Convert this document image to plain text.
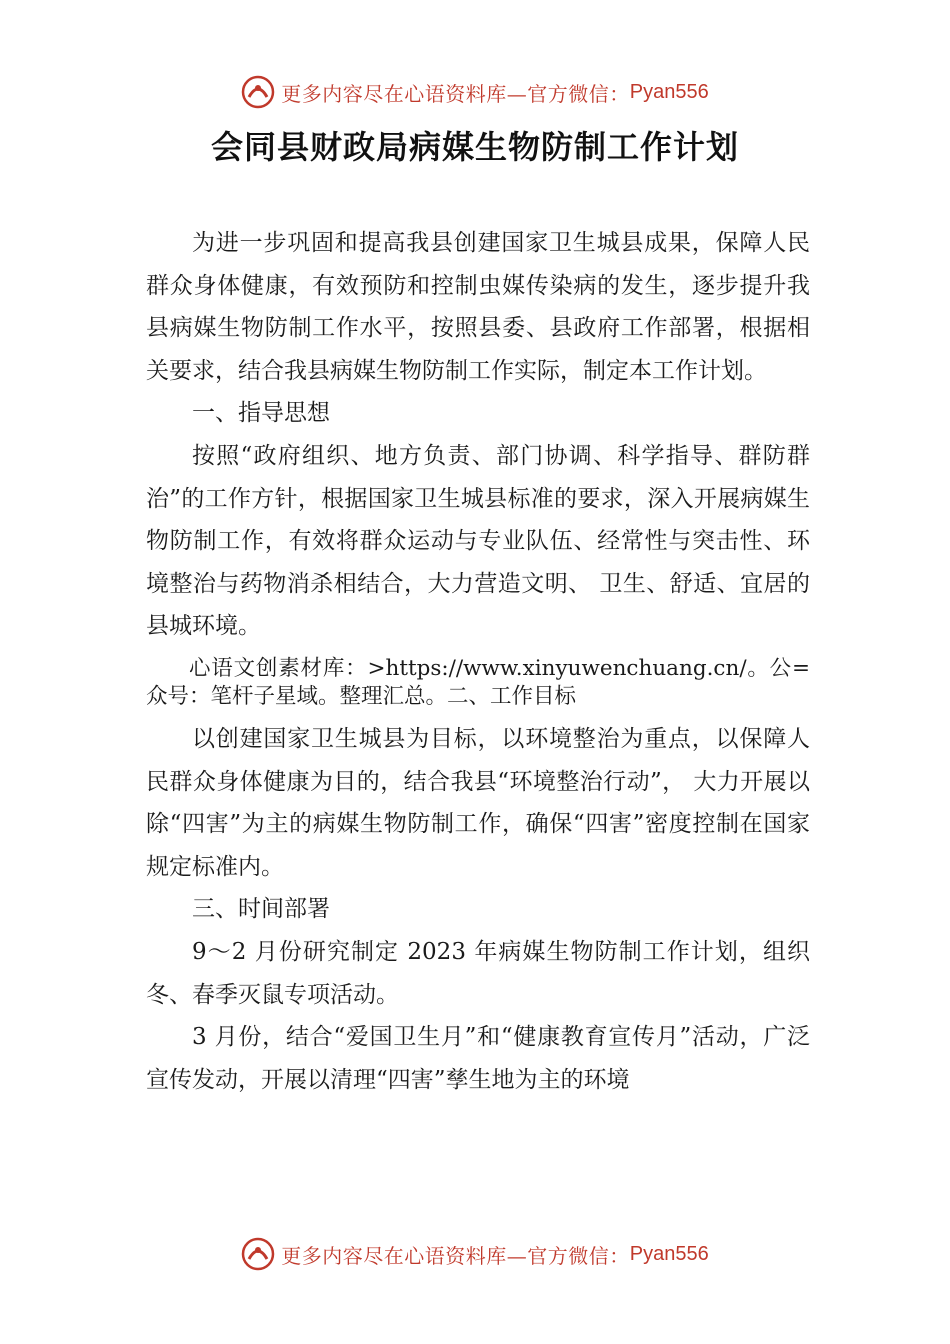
更多内容尽在心语资料库—官方微信： Pyan556
会同县财政局病媒生物防制工作计划

为进一步巩固和提高我县创建国家卫生城县成果，保障人民群众身体健康，有效预防和控制虫媒传染病的发生，逐步提升我县病媒生物防制工作水平，按照县委、县政府工作部署，根据相关要求，结合我县病媒生物防制工作实际，制定本工作计划。

一、指导思想

按照“政府组织、地方负责、部门协调、科学指导、群防群治”的工作方针，根据国家卫生城县标准的要求，深入开展病媒生物防制工作，有效将群众运动与专业队伍、经常性与突击性、环境整治与药物消杀相结合，大力营造文明、 卫生、舒适、宜居的县城环境。

心语文创素材库：>https://www.xinyuwenchuang.cn/。公=众号：笔杆子星域。整理汇总。二、工作目标

以创建国家卫生城县为目标，以环境整治为重点，以保障人民群众身体健康为目的，结合我县“环境整治行动”， 大力开展以除“四害”为主的病媒生物防制工作，确保“四害”密度控制在国家规定标准内。

三、时间部署

9～2 月份研究制定 2023 年病媒生物防制工作计划，组织冬、春季灭鼠专项活动。

3 月份，结合“爱国卫生月”和“健康教育宣传月”活动，广泛宣传发动，开展以清理“四害”孳生地为主的环境

更多内容尽在心语资料库—官方微信： Pyan556
